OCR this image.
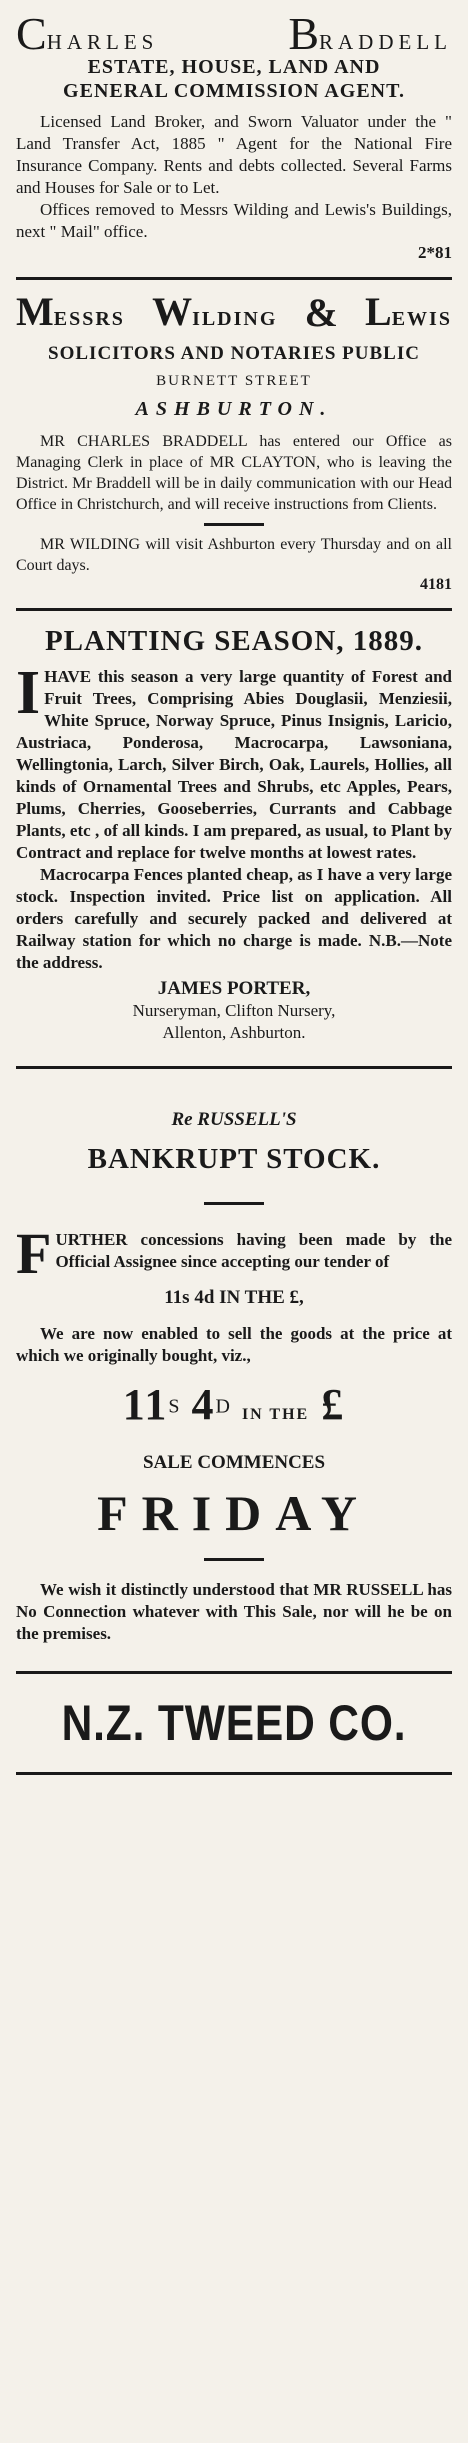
CHARLES	BRADDELL
ESTATE, HOUSE, LAND AND
GENERAL COMMISSION AGENT.

Licensed Land Broker, and Sworn Valuator under the " Land Transfer Act, 1885 " Agent for the National Fire Insurance Company. Rents and debts collected. Several Farms and Houses for Sale or to Let.

Offices removed to Messrs Wilding and Lewis's Buildings, next " Mail" office.

2*81
MESSRS WILDING & LEWIS
SOLICITORS AND NOTARIES PUBLIC
BURNETT STREET
ASHBURTON.

MR CHARLES BRADDELL has entered our Office as Managing Clerk in place of MR CLAYTON, who is leaving the District. Mr Braddell will be in daily communication with our Head Office in Christchurch, and will receive instructions from Clients.

MR WILDING will visit Ashburton every Thursday and on all Court days.

4181
PLANTING SEASON, 1889.

IHAVE this season a very large quantity of Forest and Fruit Trees, Comprising Abies Douglasii, Menziesii, White Spruce, Norway Spruce, Pinus Insignis, Laricio, Austriaca, Ponderosa, Macrocarpa, Lawsoniana, Wellingtonia, Larch, Silver Birch, Oak, Laurels, Hollies, all kinds of Ornamental Trees and Shrubs, etc Apples, Pears, Plums, Cherries, Gooseberries, Currants and Cabbage Plants, etc , of all kinds. I am prepared, as usual, to Plant by Contract and replace for twelve months at lowest rates.

Macrocarpa Fences planted cheap, as I have a very large stock. Inspection invited. Price list on application. All orders carefully and securely packed and delivered at Railway station for which no charge is made. N.B.—Note the address.

JAMES PORTER,
Nurseryman, Clifton Nursery,
Allenton, Ashburton.
Re RUSSELL'S
BANKRUPT STOCK.

FURTHER concessions having been made by the Official Assignee since accepting our tender of

11s 4d IN THE £,

We are now enabled to sell the goods at the price at which we originally bought, viz.,

$11^S$ $4^D$ IN THE £
SALE COMMENCES
FRIDAY

We wish it distinctly understood that MR RUSSELL has No Connection whatever with This Sale, nor will he be on the premises.

N.Z. TWEED CO.
